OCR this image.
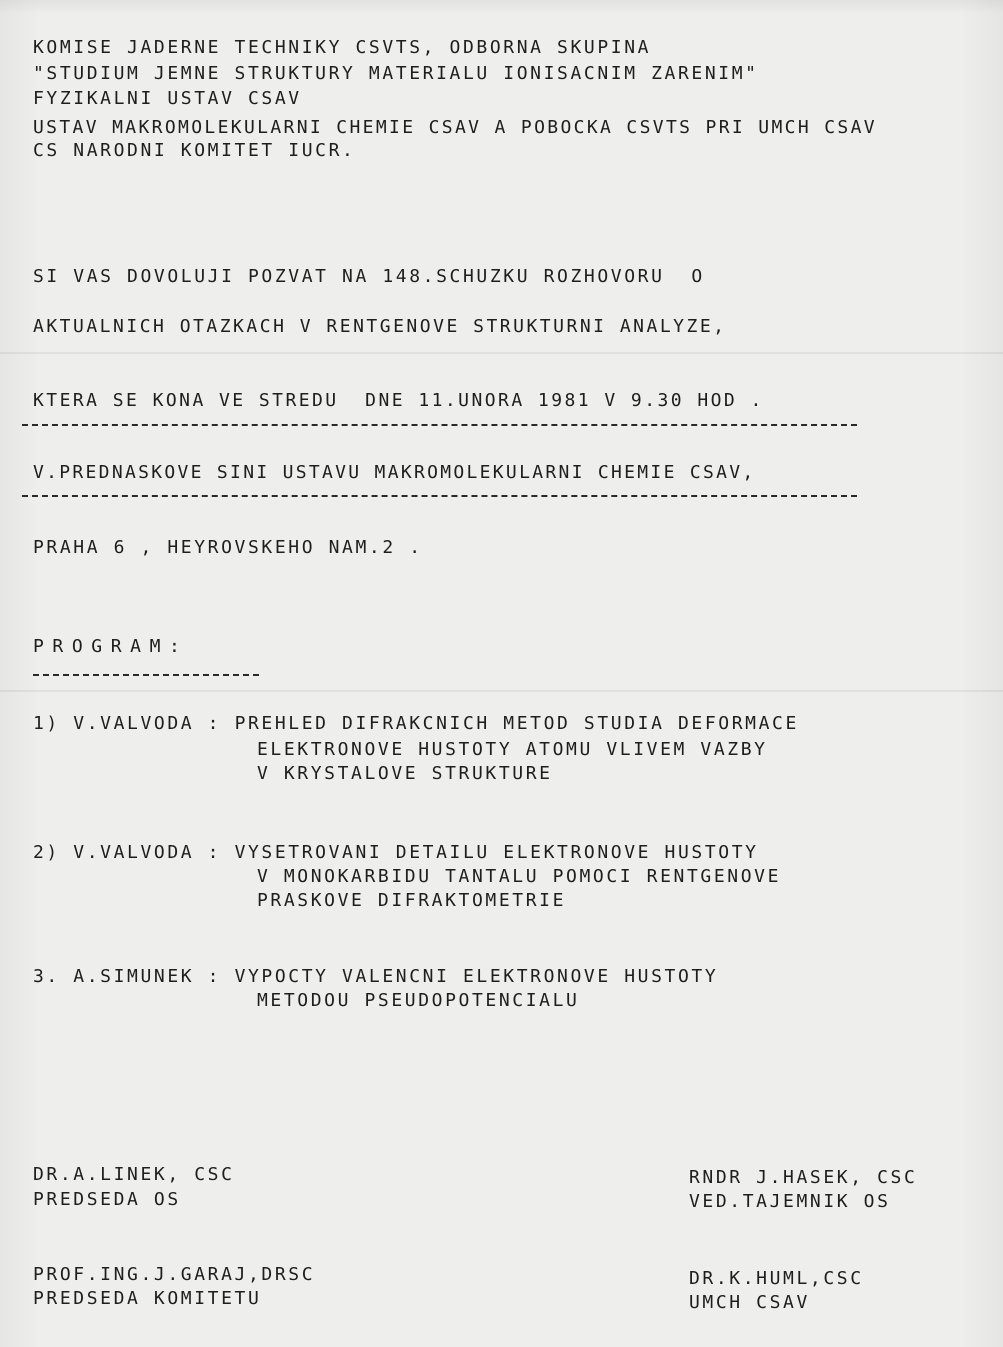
KOMISE JADERNE TECHNIKY CSVTS, ODBORNA SKUPINA
"STUDIUM JEMNE STRUKTURY MATERIALU IONISACNIM ZARENIM"
FYZIKALNI USTAV CSAV
USTAV MAKROMOLEKULARNI CHEMIE CSAV A POBOCKA CSVTS PRI UMCH CSAV
CS NARODNI KOMITET IUCR.
SI VAS DOVOLUJI POZVAT NA 148.SCHUZKU ROZHOVORU  O
AKTUALNICH OTAZKACH V RENTGENOVE STRUKTURNI ANALYZE,
KTERA SE KONA VE STREDU  DNE 11.UNORA 1981 V 9.30 HOD .
V.PREDNASKOVE SINI USTAVU MAKROMOLEKULARNI CHEMIE CSAV,
PRAHA 6 , HEYROVSKEHO NAM.2 .
PROGRAM:
1) V.VALVODA : PREHLED DIFRAKCNICH METOD STUDIA DEFORMACE
ELEKTRONOVE HUSTOTY ATOMU VLIVEM VAZBY
V KRYSTALOVE STRUKTURE
2) V.VALVODA : VYSETROVANI DETAILU ELEKTRONOVE HUSTOTY
V MONOKARBIDU TANTALU POMOCI RENTGENOVE
PRASKOVE DIFRAKTOMETRIE
3. A.SIMUNEK : VYPOCTY VALENCNI ELEKTRONOVE HUSTOTY
METODOU PSEUDOPOTENCIALU
DR.A.LINEK, CSC
PREDSEDA OS
RNDR J.HASEK, CSC
VED.TAJEMNIK OS
PROF.ING.J.GARAJ,DRSC
PREDSEDA KOMITETU
DR.K.HUML,CSC
UMCH CSAV
